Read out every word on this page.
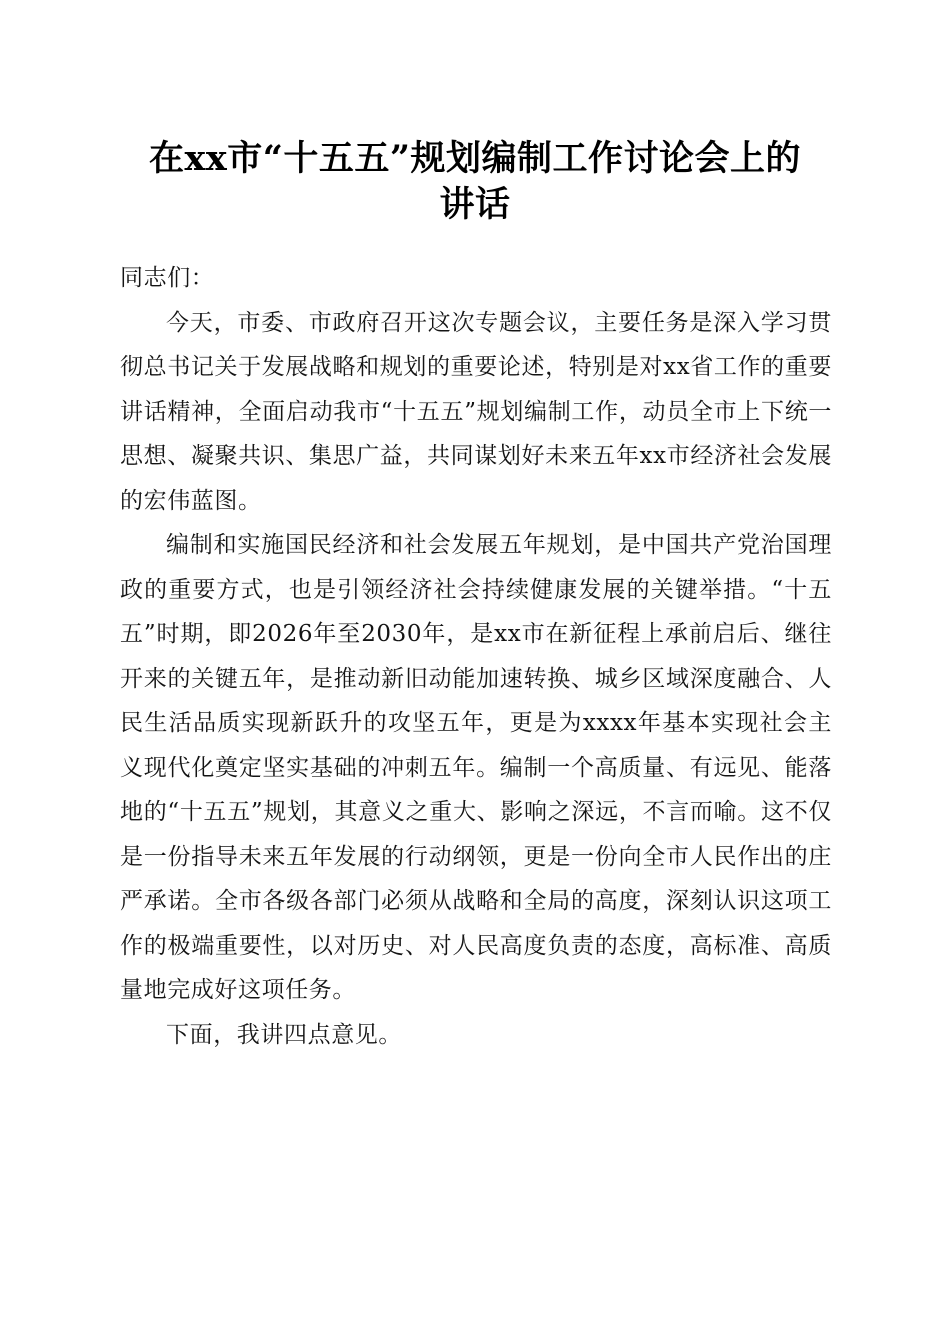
在xx市“十五五”规划编制工作讨论会上的
讲话

同志们：

今天，市委、市政府召开这次专题会议，主要任务是深入学习贯彻总书记关于发展战略和规划的重要论述，特别是对xx省工作的重要讲话精神，全面启动我市“十五五”规划编制工作，动员全市上下统一思想、凝聚共识、集思广益，共同谋划好未来五年xx市经济社会发展的宏伟蓝图。

编制和实施国民经济和社会发展五年规划，是中国共产党治国理政的重要方式，也是引领经济社会持续健康发展的关键举措。“十五五”时期，即2026年至2030年，是xx市在新征程上承前启后、继往开来的关键五年，是推动新旧动能加速转换、城乡区域深度融合、人民生活品质实现新跃升的攻坚五年，更是为xxxx年基本实现社会主义现代化奠定坚实基础的冲刺五年。编制一个高质量、有远见、能落地的“十五五”规划，其意义之重大、影响之深远，不言而喻。这不仅是一份指导未来五年发展的行动纲领，更是一份向全市人民作出的庄严承诺。全市各级各部门必须从战略和全局的高度，深刻认识这项工作的极端重要性，以对历史、对人民高度负责的态度，高标准、高质量地完成好这项任务。

下面，我讲四点意见。
